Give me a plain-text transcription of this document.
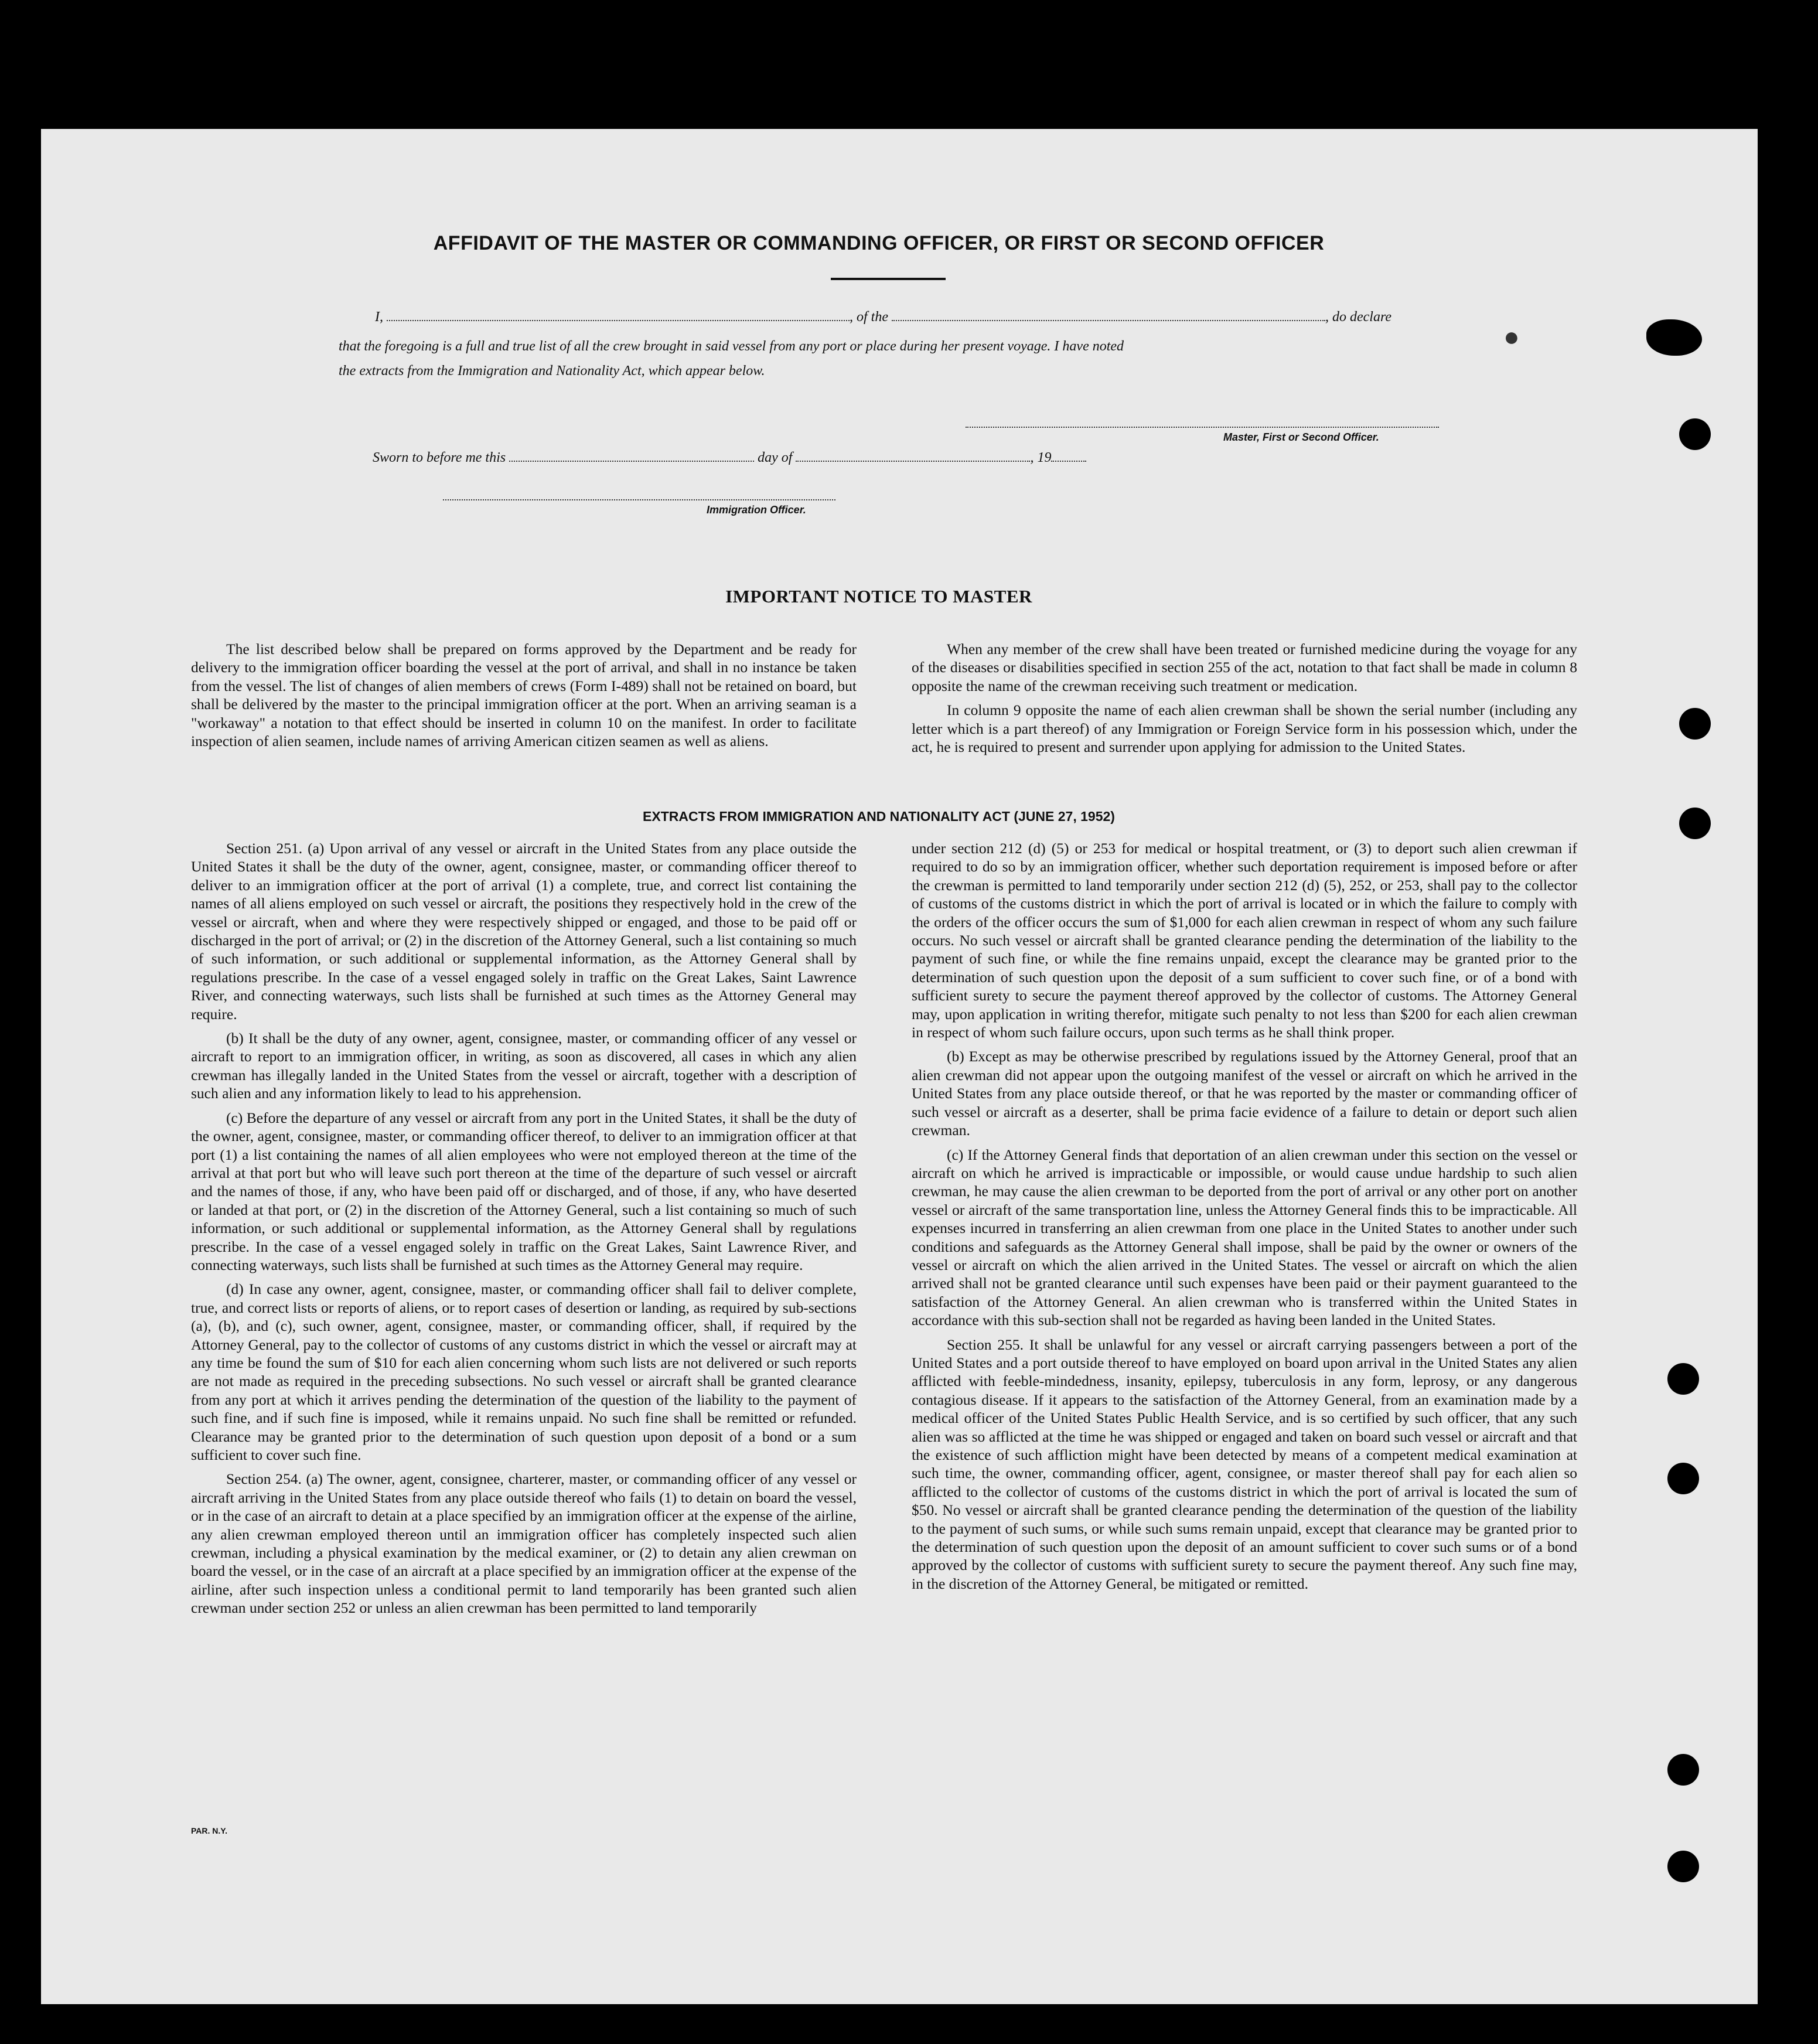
●
AFFIDAVIT OF THE MASTER OR COMMANDING OFFICER, OR FIRST OR SECOND OFFICER
I,	, of the	, do declare
that the foregoing is a full and true list of all the crew brought in said vessel from any port or place during her present voyage. I have noted
the extracts from the Immigration and Nationality Act, which appear below.
Master, First or Second Officer.
Sworn to before me this	day of	, 19
Immigration Officer.
IMPORTANT NOTICE TO MASTER

The list described below shall be prepared on forms approved by the Department and be ready for delivery to the immigration officer boarding the vessel at the port of arrival, and shall in no instance be taken from the vessel. The list of changes of alien members of crews (Form I-489) shall not be retained on board, but shall be delivered by the master to the principal immigration officer at the port. When an arriving seaman is a "workaway" a notation to that effect should be inserted in column 10 on the manifest. In order to facilitate inspection of alien seamen, include names of arriving American citizen seamen as well as aliens.

When any member of the crew shall have been treated or furnished medicine during the voyage for any of the diseases or disabilities specified in section 255 of the act, notation to that fact shall be made in column 8 opposite the name of the crewman receiving such treatment or medication.

In column 9 opposite the name of each alien crewman shall be shown the serial number (including any letter which is a part thereof) of any Immigration or Foreign Service form in his possession which, under the act, he is required to present and surrender upon applying for admission to the United States.

EXTRACTS FROM IMMIGRATION AND NATIONALITY ACT (JUNE 27, 1952)

Section 251. (a) Upon arrival of any vessel or aircraft in the United States from any place outside the United States it shall be the duty of the owner, agent, consignee, master, or commanding officer thereof to deliver to an immigration officer at the port of arrival (1) a complete, true, and correct list containing the names of all aliens employed on such vessel or aircraft, the positions they respectively hold in the crew of the vessel or aircraft, when and where they were respectively shipped or engaged, and those to be paid off or discharged in the port of arrival; or (2) in the discretion of the Attorney General, such a list containing so much of such information, or such additional or supplemental information, as the Attorney General shall by regulations prescribe. In the case of a vessel engaged solely in traffic on the Great Lakes, Saint Lawrence River, and connecting waterways, such lists shall be furnished at such times as the Attorney General may require.

(b) It shall be the duty of any owner, agent, consignee, master, or commanding officer of any vessel or aircraft to report to an immigration officer, in writing, as soon as discovered, all cases in which any alien crewman has illegally landed in the United States from the vessel or aircraft, together with a description of such alien and any information likely to lead to his apprehension.

(c) Before the departure of any vessel or aircraft from any port in the United States, it shall be the duty of the owner, agent, consignee, master, or commanding officer thereof, to deliver to an immigration officer at that port (1) a list containing the names of all alien employees who were not employed thereon at the time of the arrival at that port but who will leave such port thereon at the time of the departure of such vessel or aircraft and the names of those, if any, who have been paid off or discharged, and of those, if any, who have deserted or landed at that port, or (2) in the discretion of the Attorney General, such a list containing so much of such information, or such additional or supplemental information, as the Attorney General shall by regulations prescribe. In the case of a vessel engaged solely in traffic on the Great Lakes, Saint Lawrence River, and connecting waterways, such lists shall be furnished at such times as the Attorney General may require.

(d) In case any owner, agent, consignee, master, or commanding officer shall fail to deliver complete, true, and correct lists or reports of aliens, or to report cases of desertion or landing, as required by sub-sections (a), (b), and (c), such owner, agent, consignee, master, or commanding officer, shall, if required by the Attorney General, pay to the collector of customs of any customs district in which the vessel or aircraft may at any time be found the sum of $10 for each alien concerning whom such lists are not delivered or such reports are not made as required in the preceding subsections. No such vessel or aircraft shall be granted clearance from any port at which it arrives pending the determination of the question of the liability to the payment of such fine, and if such fine is imposed, while it remains unpaid. No such fine shall be remitted or refunded. Clearance may be granted prior to the determination of such question upon deposit of a bond or a sum sufficient to cover such fine.

Section 254. (a) The owner, agent, consignee, charterer, master, or commanding officer of any vessel or aircraft arriving in the United States from any place outside thereof who fails (1) to detain on board the vessel, or in the case of an aircraft to detain at a place specified by an immigration officer at the expense of the airline, any alien crewman employed thereon until an immigration officer has completely inspected such alien crewman, including a physical examination by the medical examiner, or (2) to detain any alien crewman on board the vessel, or in the case of an aircraft at a place specified by an immigration officer at the expense of the airline, after such inspection unless a conditional permit to land temporarily has been granted such alien crewman under section 252 or unless an alien crewman has been permitted to land temporarily

under section 212 (d) (5) or 253 for medical or hospital treatment, or (3) to deport such alien crewman if required to do so by an immigration officer, whether such deportation requirement is imposed before or after the crewman is permitted to land temporarily under section 212 (d) (5), 252, or 253, shall pay to the collector of customs of the customs district in which the port of arrival is located or in which the failure to comply with the orders of the officer occurs the sum of $1,000 for each alien crewman in respect of whom any such failure occurs. No such vessel or aircraft shall be granted clearance pending the determination of the liability to the payment of such fine, or while the fine remains unpaid, except the clearance may be granted prior to the determination of such question upon the deposit of a sum sufficient to cover such fine, or of a bond with sufficient surety to secure the payment thereof approved by the collector of customs. The Attorney General may, upon application in writing therefor, mitigate such penalty to not less than $200 for each alien crewman in respect of whom such failure occurs, upon such terms as he shall think proper.

(b) Except as may be otherwise prescribed by regulations issued by the Attorney General, proof that an alien crewman did not appear upon the outgoing manifest of the vessel or aircraft on which he arrived in the United States from any place outside thereof, or that he was reported by the master or commanding officer of such vessel or aircraft as a deserter, shall be prima facie evidence of a failure to detain or deport such alien crewman.

(c) If the Attorney General finds that deportation of an alien crewman under this section on the vessel or aircraft on which he arrived is impracticable or impossible, or would cause undue hardship to such alien crewman, he may cause the alien crewman to be deported from the port of arrival or any other port on another vessel or aircraft of the same transportation line, unless the Attorney General finds this to be impracticable. All expenses incurred in transferring an alien crewman from one place in the United States to another under such conditions and safeguards as the Attorney General shall impose, shall be paid by the owner or owners of the vessel or aircraft on which the alien arrived in the United States. The vessel or aircraft on which the alien arrived shall not be granted clearance until such expenses have been paid or their payment guaranteed to the satisfaction of the Attorney General. An alien crewman who is transferred within the United States in accordance with this sub-section shall not be regarded as having been landed in the United States.

Section 255. It shall be unlawful for any vessel or aircraft carrying passengers between a port of the United States and a port outside thereof to have employed on board upon arrival in the United States any alien afflicted with feeble-mindedness, insanity, epilepsy, tuberculosis in any form, leprosy, or any dangerous contagious disease. If it appears to the satisfaction of the Attorney General, from an examination made by a medical officer of the United States Public Health Service, and is so certified by such officer, that any such alien was so afflicted at the time he was shipped or engaged and taken on board such vessel or aircraft and that the existence of such affliction might have been detected by means of a competent medical examination at such time, the owner, commanding officer, agent, consignee, or master thereof shall pay for each alien so afflicted to the collector of customs of the customs district in which the port of arrival is located the sum of $50. No vessel or aircraft shall be granted clearance pending the determination of the question of the liability to the payment of such sums, or while such sums remain unpaid, except that clearance may be granted prior to the determination of such question upon the deposit of an amount sufficient to cover such sums or of a bond approved by the collector of customs with sufficient surety to secure the payment thereof. Any such fine may, in the discretion of the Attorney General, be mitigated or remitted.

PAR. N.Y.
